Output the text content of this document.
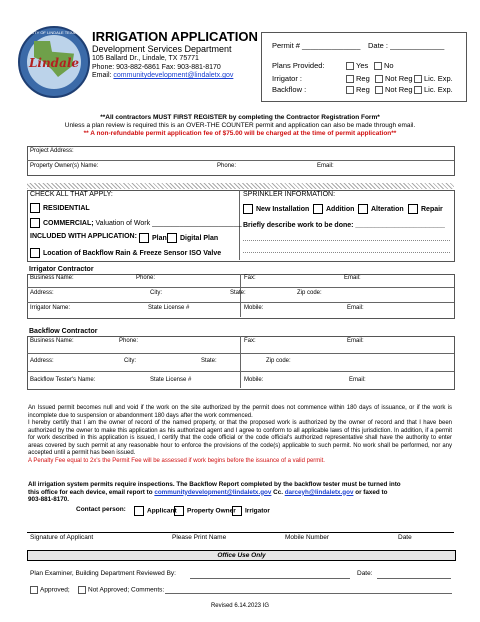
CITY OF LINDALE TEXAS
Lindale
IRRIGATION APPLICATION
Development Services Department
105 Ballard Dr., Lindale, TX 75771
Phone: 903-882-6861 Fax: 903-881-8170
Email: communitydevelopment@lindaletx.gov
Permit # ______________ Date : _____________
Plans Provided:	Yes	No
Irrigator :	Reg	Not Reg	Lic. Exp.
Backflow :	Reg	Not Reg	Lic. Exp.
**All contractors MUST FIRST REGISTER by completing the Contractor Registration Form*
Unless a plan review is required this is an OVER-THE COUNTER permit and application can also be made through email.
** A non-refundable permit application fee of $75.00 will be charged at the time of permit application**
Project Address:
Property Owner(s) Name:	Phone:	Email:
CHECK ALL THAT APPLY:
RESIDENTIAL
COMMERCIAL; Valuation of Work _______________________
INCLUDED WITH APPLICATION:	Plan	Digital Plan
Location of Backflow Rain & Freeze Sensor ISO Valve
SPRINKLER INFORMATION:
New Installation	Addition	Alteration	Repair
Briefly describe work to be done: _______________________
Irrigator Contractor
Business Name:	Phone:	Fax:	Email:
Address:	City:	State:	Zip code:
Irrigator Name:	State License #	Mobile:	Email:
Backflow Contractor
Business Name:	Phone:	Fax:	Email:
Address:	City:	State:	Zip code:
Backflow Tester's Name:	State License #	Mobile:	Email:
An Issued permit becomes null and void if the work on the site authorized by the permit does not commence within 180 days of issuance, or if the work is incomplete due to suspension or abandonment 180 days after the work commenced.
I hereby certify that I am the owner of record of the named property, or that the proposed work is authorized by the owner of record and that I have been authorized by the owner to make this application as his authorized agent and I agree to conform to all applicable laws of this jurisdiction. In addition, if a permit for work described in this application is issued, I certify that the code official or the code official's authorized representative shall have the authority to enter areas covered by such permit at any reasonable hour to enforce the provisions of the code(s) applicable to such permit. No work shall be performed, nor any accepted until a permit has been issued.
A Penalty Fee equal to 2x's the Permit Fee will be assessed if work begins before the issuance of a valid permit.
All irrigation system permits require inspections. The Backflow Report completed by the backflow tester must be turned into
this office for each device, email report to communitydevelopment@lindaletx.gov Cc. darceyh@lindaletx.gov or faxed to
903-881-8170.
Contact person:	Applicant	Property Owner	Irrigator
Signature of Applicant	Please Print Name	Mobile Number	Date
Office Use Only
Plan Examiner, Building Department Reviewed By:	Date:
Approved;	Not Approved; Comments:
Revised 6.14.2023 IG
